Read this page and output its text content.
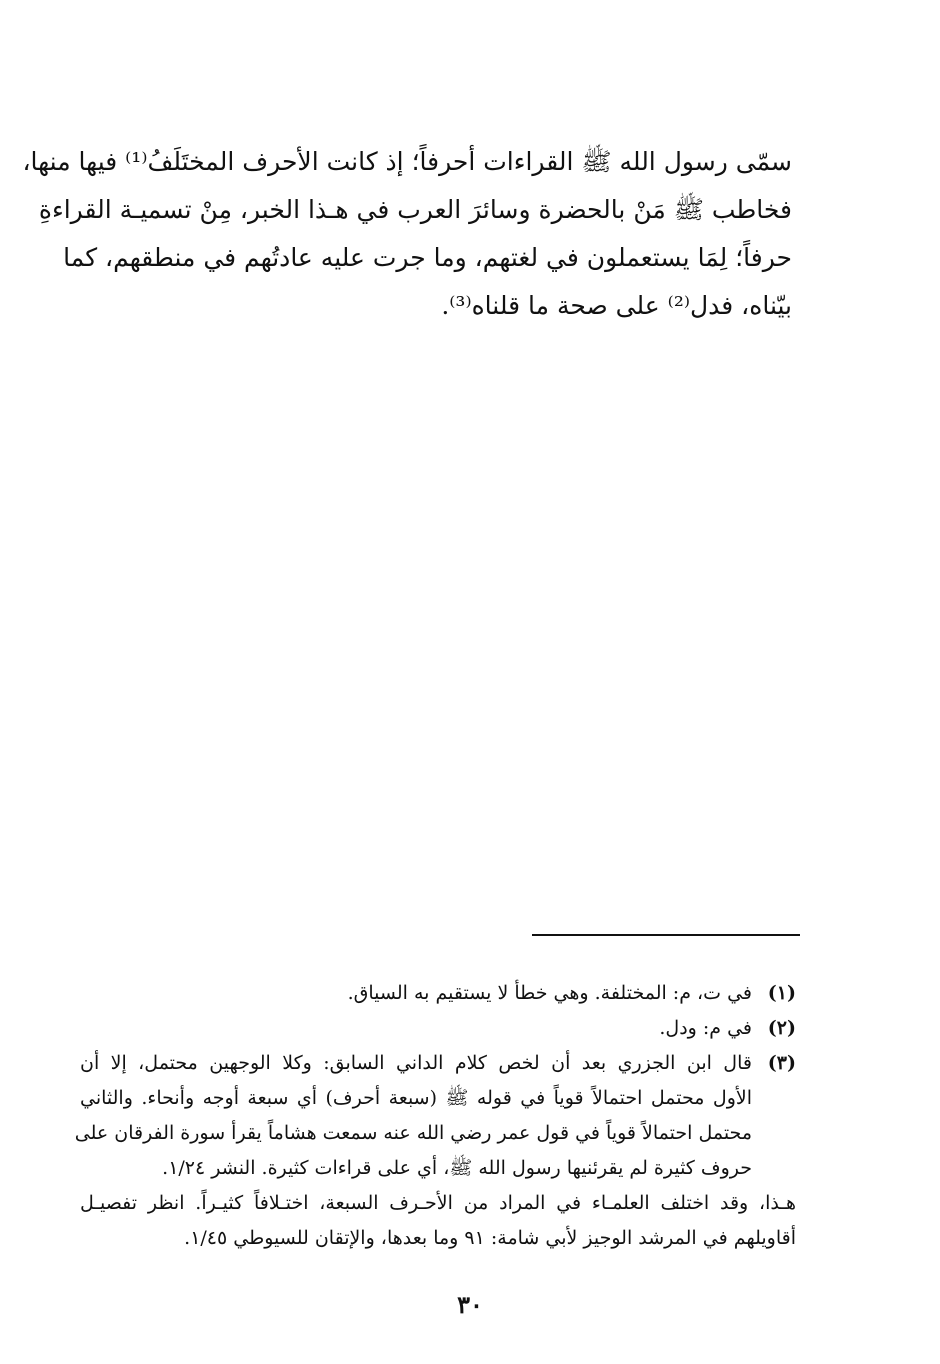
سمّى رسول الله ﷺ القراءات أحرفاً؛ إذ كانت الأحرف المختَلَفُ⁽¹⁾ فيها منها،
فخاطب ﷺ مَنْ بالحضرة وسائرَ العرب في هـذا الخبر، مِنْ تسميـة القراءةِ
حرفاً؛ لِمَا يستعملون في لغتهم، وما جرت عليه عادتُهم في منطقهم، كما
بيّناه، فدل⁽²⁾ على صحة ما قلناه⁽³⁾.
(١)
في ت، م: المختلفة. وهي خطأ لا يستقيم به السياق.
(٢)
في م: ودل.
(٣)
قال ابن الجزري بعد أن لخص كلام الداني السابق: وكلا الوجهين محتمل، إلا أن
الأول محتمل احتمالاً قوياً في قوله ﷺ (سبعة أحرف) أي سبعة أوجه وأنحاء. والثاني
محتمل احتمالاً قوياً في قول عمر رضي الله عنه سمعت هشاماً يقرأ سورة الفرقان على
حروف كثيرة لم يقرئنيها رسول الله ﷺ، أي على قراءات كثيرة. النشر ١/٢٤.
هـذا، وقد اختلف العلمـاء في المراد من الأحـرف السبعة، اختـلافاً كثيـراً. انظر تفصيـل
أقاويلهم في المرشد الوجيز لأبي شامة: ٩١ وما بعدها، والإتقان للسيوطي ١/٤٥.
٣٠
